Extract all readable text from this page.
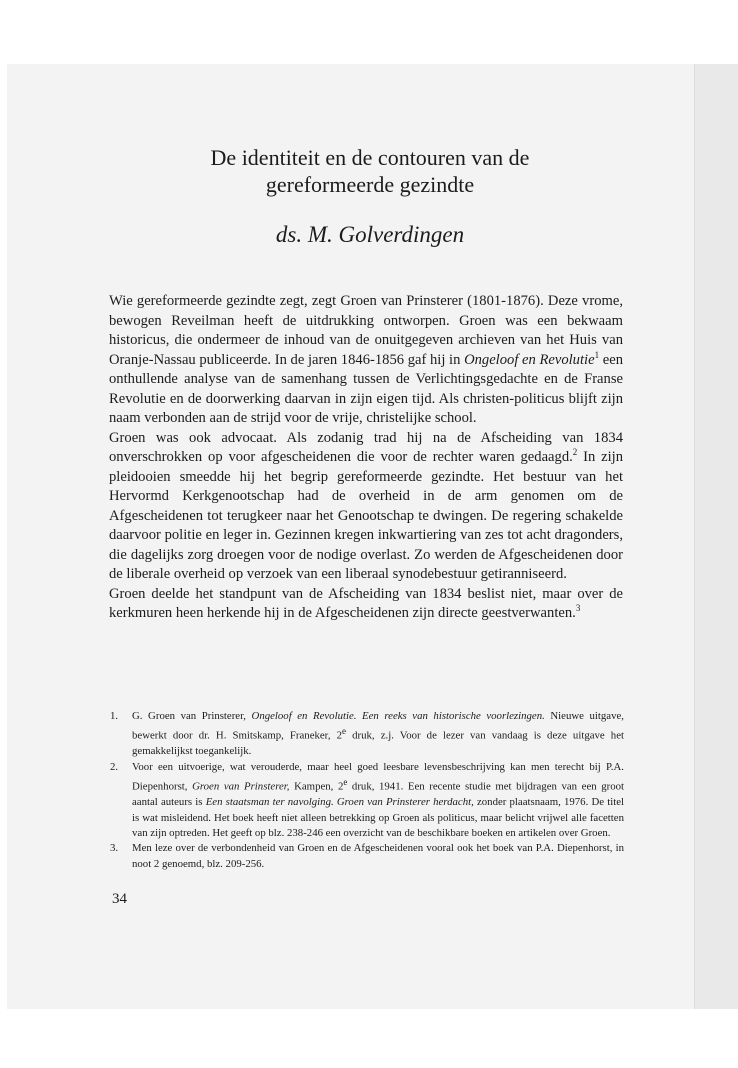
De identiteit en de contouren van de
gereformeerde gezindte
ds. M. Golverdingen

Wie gereformeerde gezindte zegt, zegt Groen van Prinsterer (1801-1876). Deze vrome, bewogen Reveilman heeft de uitdrukking ontworpen. Groen was een bekwaam historicus, die ondermeer de inhoud van de onuitgegeven archieven van het Huis van Oranje-Nassau publiceerde. In de jaren 1846-1856 gaf hij in Ongeloof en Revolutie$^1$ een onthullende analyse van de samenhang tussen de Verlichtingsgedachte en de Franse Revolutie en de doorwerking daarvan in zijn eigen tijd. Als christen-politicus blijft zijn naam verbonden aan de strijd voor de vrije, christelijke school.

Groen was ook advocaat. Als zodanig trad hij na de Afscheiding van 1834 onverschrokken op voor afgescheidenen die voor de rechter waren gedaagd.$^2$ In zijn pleidooien smeedde hij het begrip gereformeerde gezindte. Het bestuur van het Hervormd Kerkgenootschap had de overheid in de arm genomen om de Afgescheidenen tot terugkeer naar het Genootschap te dwingen. De regering schakelde daarvoor politie en leger in. Gezinnen kregen inkwartiering van zes tot acht dragonders, die dagelijks zorg droegen voor de nodige overlast. Zo werden de Afgescheidenen door de liberale overheid op verzoek van een liberaal synodebestuur getiranniseerd.

Groen deelde het standpunt van de Afscheiding van 1834 beslist niet, maar over de kerkmuren heen herkende hij in de Afgescheidenen zijn directe geestverwanten.$^3$

1. G. Groen van Prinsterer, Ongeloof en Revolutie. Een reeks van historische voorlezingen. Nieuwe uitgave, bewerkt door dr. H. Smitskamp, Franeker, 2e druk, z.j. Voor de lezer van vandaag is deze uitgave het gemakkelijkst toegankelijk.
2. Voor een uitvoerige, wat verouderde, maar heel goed leesbare levensbeschrijving kan men terecht bij P.A. Diepenhorst, Groen van Prinsterer, Kampen, 2e druk, 1941. Een recente studie met bijdragen van een groot aantal auteurs is Een staatsman ter navolging. Groen van Prinsterer herdacht, zonder plaatsnaam, 1976. De titel is wat misleidend. Het boek heeft niet alleen betrekking op Groen als politicus, maar belicht vrijwel alle facetten van zijn optreden. Het geeft op blz. 238-246 een overzicht van de beschikbare boeken en artikelen over Groen.
3. Men leze over de verbondenheid van Groen en de Afgescheidenen vooral ook het boek van P.A. Diepenhorst, in noot 2 genoemd, blz. 209-256.
34
